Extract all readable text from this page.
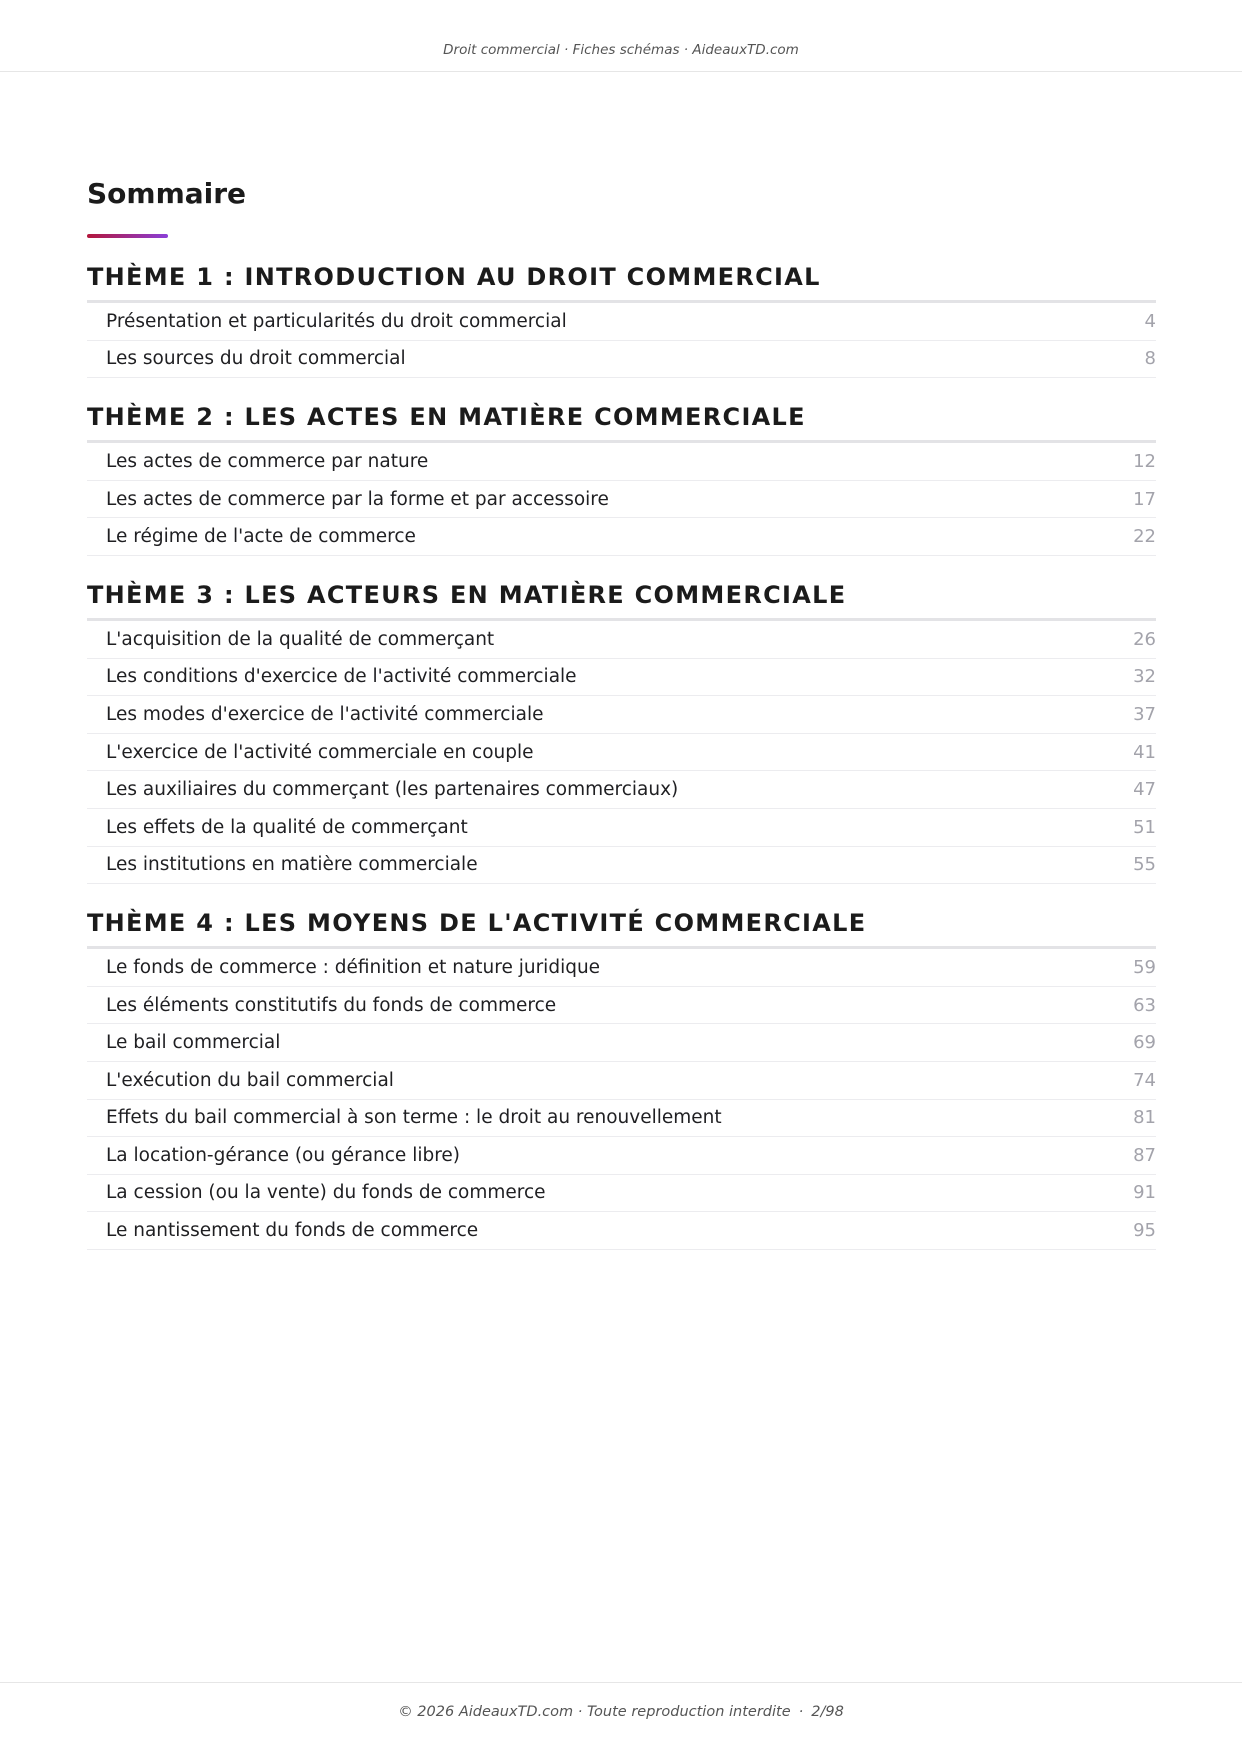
Droit commercial · Fiches schémas · AideauxTD.com
Sommaire
THÈME 1 : INTRODUCTION AU DROIT COMMERCIAL
Présentation et particularités du droit commercial	4
Les sources du droit commercial	8
THÈME 2 : LES ACTES EN MATIÈRE COMMERCIALE
Les actes de commerce par nature	12
Les actes de commerce par la forme et par accessoire	17
Le régime de l'acte de commerce	22
THÈME 3 : LES ACTEURS EN MATIÈRE COMMERCIALE
L'acquisition de la qualité de commerçant	26
Les conditions d'exercice de l'activité commerciale	32
Les modes d'exercice de l'activité commerciale	37
L'exercice de l'activité commerciale en couple	41
Les auxiliaires du commerçant (les partenaires commerciaux)	47
Les effets de la qualité de commerçant	51
Les institutions en matière commerciale	55
THÈME 4 : LES MOYENS DE L'ACTIVITÉ COMMERCIALE
Le fonds de commerce : définition et nature juridique	59
Les éléments constitutifs du fonds de commerce	63
Le bail commercial	69
L'exécution du bail commercial	74
Effets du bail commercial à son terme : le droit au renouvellement	81
La location-gérance (ou gérance libre)	87
La cession (ou la vente) du fonds de commerce	91
Le nantissement du fonds de commerce	95
© 2026 AideauxTD.com · Toute reproduction interdite · 2/98
